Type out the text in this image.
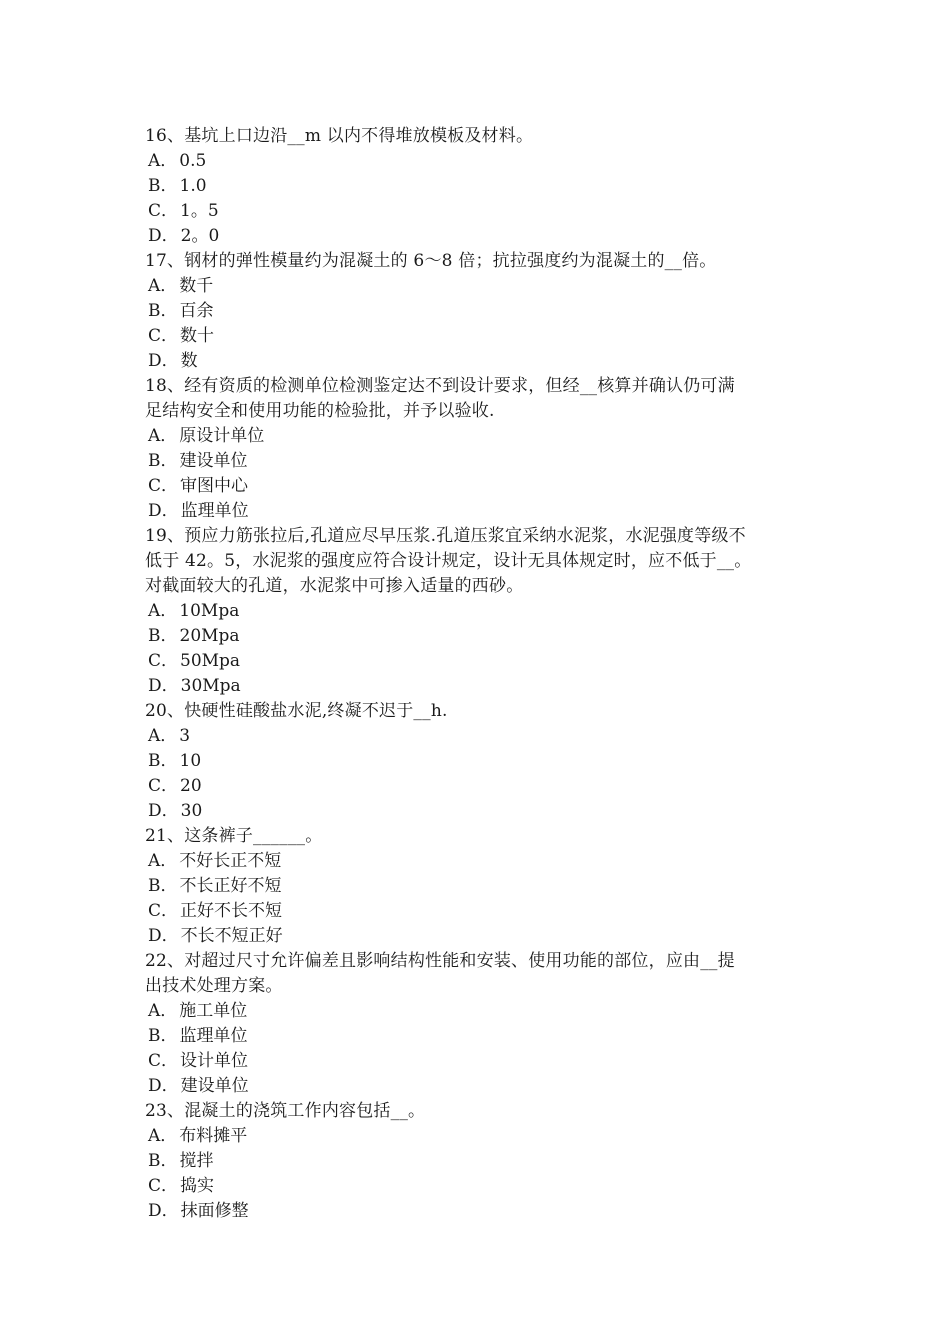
16、基坑上口边沿__m 以内不得堆放模板及材料。
A． 0.5
B． 1.0
C． 1。5
D． 2。0
17、钢材的弹性模量约为混凝土的 6～8 倍；抗拉强度约为混凝土的__倍。
A． 数千
B． 百余
C． 数十
D． 数
18、经有资质的检测单位检测鉴定达不到设计要求，但经__核算并确认仍可满
足结构安全和使用功能的检验批，并予以验收.
A． 原设计单位
B． 建设单位
C． 审图中心
D． 监理单位
19、预应力筋张拉后,孔道应尽早压浆.孔道压浆宜采纳水泥浆，水泥强度等级不
低于 42。5，水泥浆的强度应符合设计规定，设计无具体规定时，应不低于__。
对截面较大的孔道，水泥浆中可掺入适量的西砂。
A． 10Mpa
B． 20Mpa
C． 50Mpa
D． 30Mpa
20、快硬性硅酸盐水泥,终凝不迟于__h.
A． 3
B． 10
C． 20
D． 30
21、这条裤子______。
A． 不好长正不短
B． 不长正好不短
C． 正好不长不短
D． 不长不短正好
22、对超过尺寸允许偏差且影响结构性能和安装、使用功能的部位，应由__提
出技术处理方案。
A． 施工单位
B． 监理单位
C． 设计单位
D． 建设单位
23、混凝土的浇筑工作内容包括__。
A． 布料摊平
B． 搅拌
C． 捣实
D． 抹面修整
